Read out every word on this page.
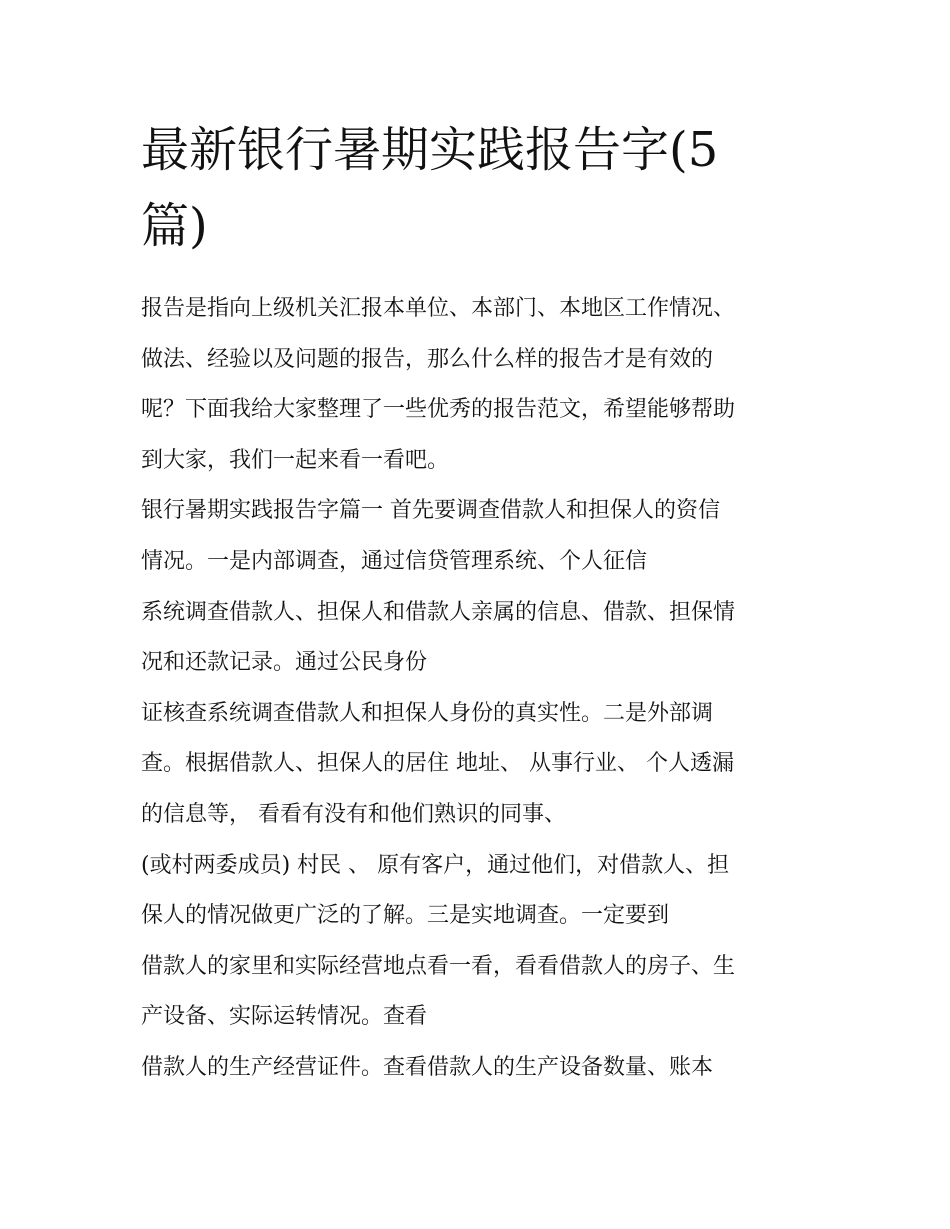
最新银行暑期实践报告字(5
篇)
报告是指向上级机关汇报本单位、本部门、本地区工作情况、
做法、经验以及问题的报告，那么什么样的报告才是有效的
呢？下面我给大家整理了一些优秀的报告范文，希望能够帮助
到大家，我们一起来看一看吧。
银行暑期实践报告字篇一 首先要调查借款人和担保人的资信
情况。一是内部调查，通过信贷管理系统、个人征信
系统调查借款人、担保人和借款人亲属的信息、借款、担保情
况和还款记录。通过公民身份
证核查系统调查借款人和担保人身份的真实性。二是外部调
查。根据借款人、担保人的居住 地址、 从事行业、 个人透漏
的信息等， 看看有没有和他们熟识的同事、
(或村两委成员) 村民 、 原有客户，通过他们，对借款人、担
保人的情况做更广泛的了解。三是实地调查。一定要到
借款人的家里和实际经营地点看一看，看看借款人的房子、生
产设备、实际运转情况。查看
借款人的生产经营证件。查看借款人的生产设备数量、账本
